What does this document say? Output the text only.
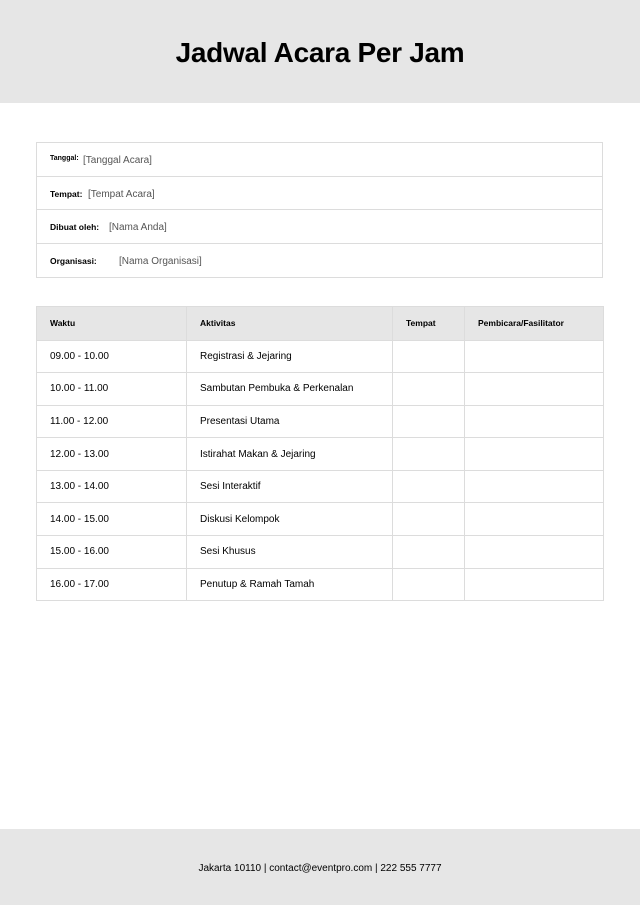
Jadwal Acara Per Jam
Tanggal: [Tanggal Acara]
Tempat: [Tempat Acara]
Dibuat oleh: [Nama Anda]
Organisasi: [Nama Organisasi]
Waktu	Aktivitas	Tempat	Pembicara/Fasilitator
09.00 - 10.00	Registrasi & Jejaring		
10.00 - 11.00	Sambutan Pembuka & Perkenalan		
11.00 - 12.00	Presentasi Utama		
12.00 - 13.00	Istirahat Makan & Jejaring		
13.00 - 14.00	Sesi Interaktif		
14.00 - 15.00	Diskusi Kelompok		
15.00 - 16.00	Sesi Khusus		
16.00 - 17.00	Penutup & Ramah Tamah		
Jakarta 10110 | contact@eventpro.com | 222 555 7777
